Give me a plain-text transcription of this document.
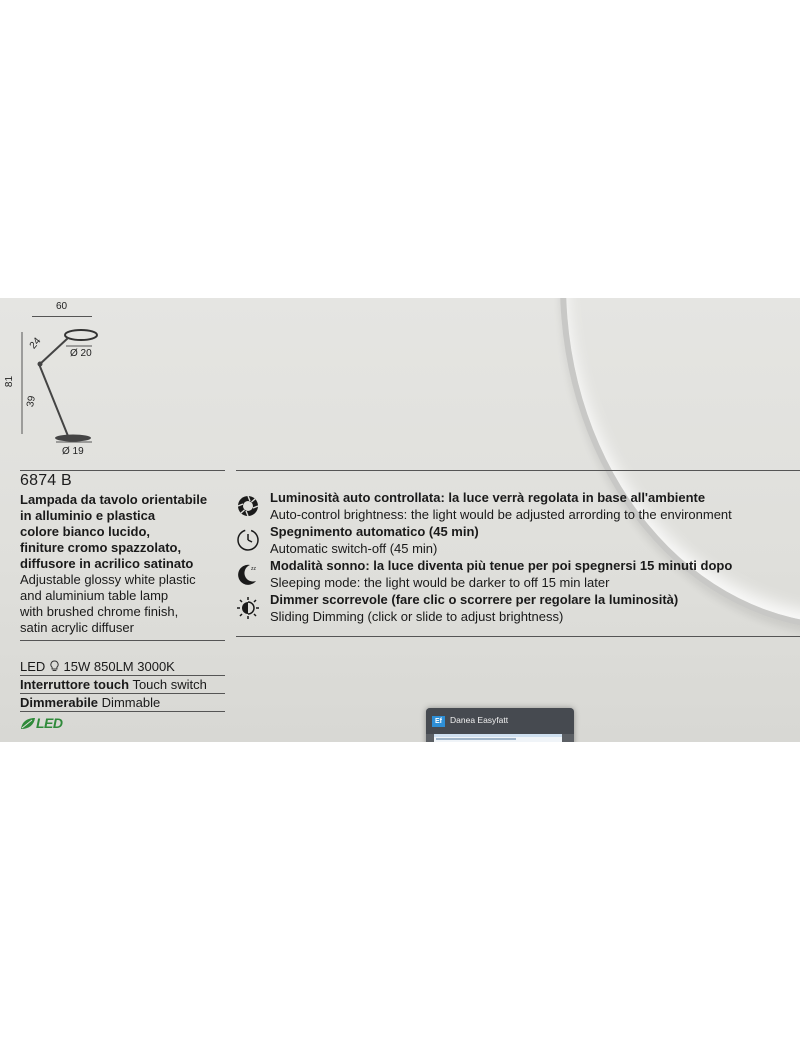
60
24
Ø 20
81
39
Ø 19
6874 B
Lampada da tavolo orientabile
in alluminio e plastica
colore bianco lucido,
finiture cromo spazzolato,
diffusore in acrilico satinato
Adjustable glossy white plastic
and aluminium table lamp
with brushed chrome finish,
satin acrylic diffuser
LED 15W 850LM 3000K
Interruttore touch Touch switch
Dimmerabile Dimmable
LED
Luminosità auto controllata: la luce verrà regolata in base all'ambiente
Auto-control brightness: the light would be adjusted arrording to the environment
Spegnimento automatico (45 min)
Automatic switch-off (45 min)
zz Modalità sonno: la luce diventa più tenue per poi spegnersi 15 minuti dopo
Sleeping mode: the light would be darker to off 15 min later
Dimmer scorrevole (fare clic o scorrere per regolare la luminosità)
Sliding Dimming (click or slide to adjust brightness)
Ef Danea Easyfatt
